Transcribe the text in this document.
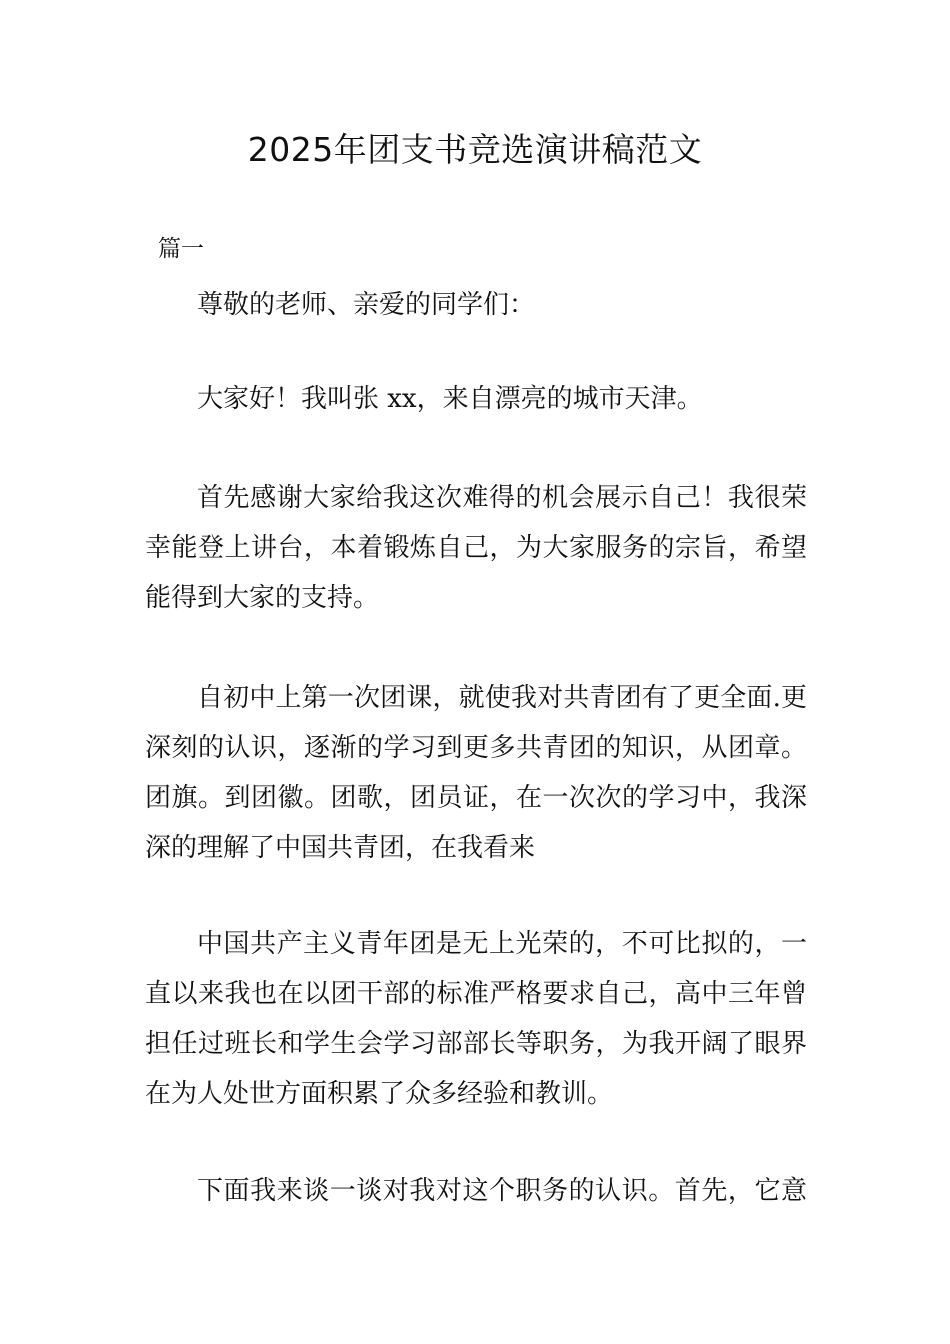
2025年团支书竞选演讲稿范文
篇一

尊敬的老师、亲爱的同学们：

大家好！我叫张 xx，来自漂亮的城市天津。

首先感谢大家给我这次难得的机会展示自己！我很荣
幸能登上讲台，本着锻炼自己，为大家服务的宗旨，希望
能得到大家的支持。

自初中上第一次团课，就使我对共青团有了更全面.更
深刻的认识，逐渐的学习到更多共青团的知识，从团章。
团旗。到团徽。团歌，团员证，在一次次的学习中，我深
深的理解了中国共青团，在我看来

中国共产主义青年团是无上光荣的，不可比拟的，一
直以来我也在以团干部的标准严格要求自己，高中三年曾
担任过班长和学生会学习部部长等职务，为我开阔了眼界
在为人处世方面积累了众多经验和教训。

下面我来谈一谈对我对这个职务的认识。首先，它意
